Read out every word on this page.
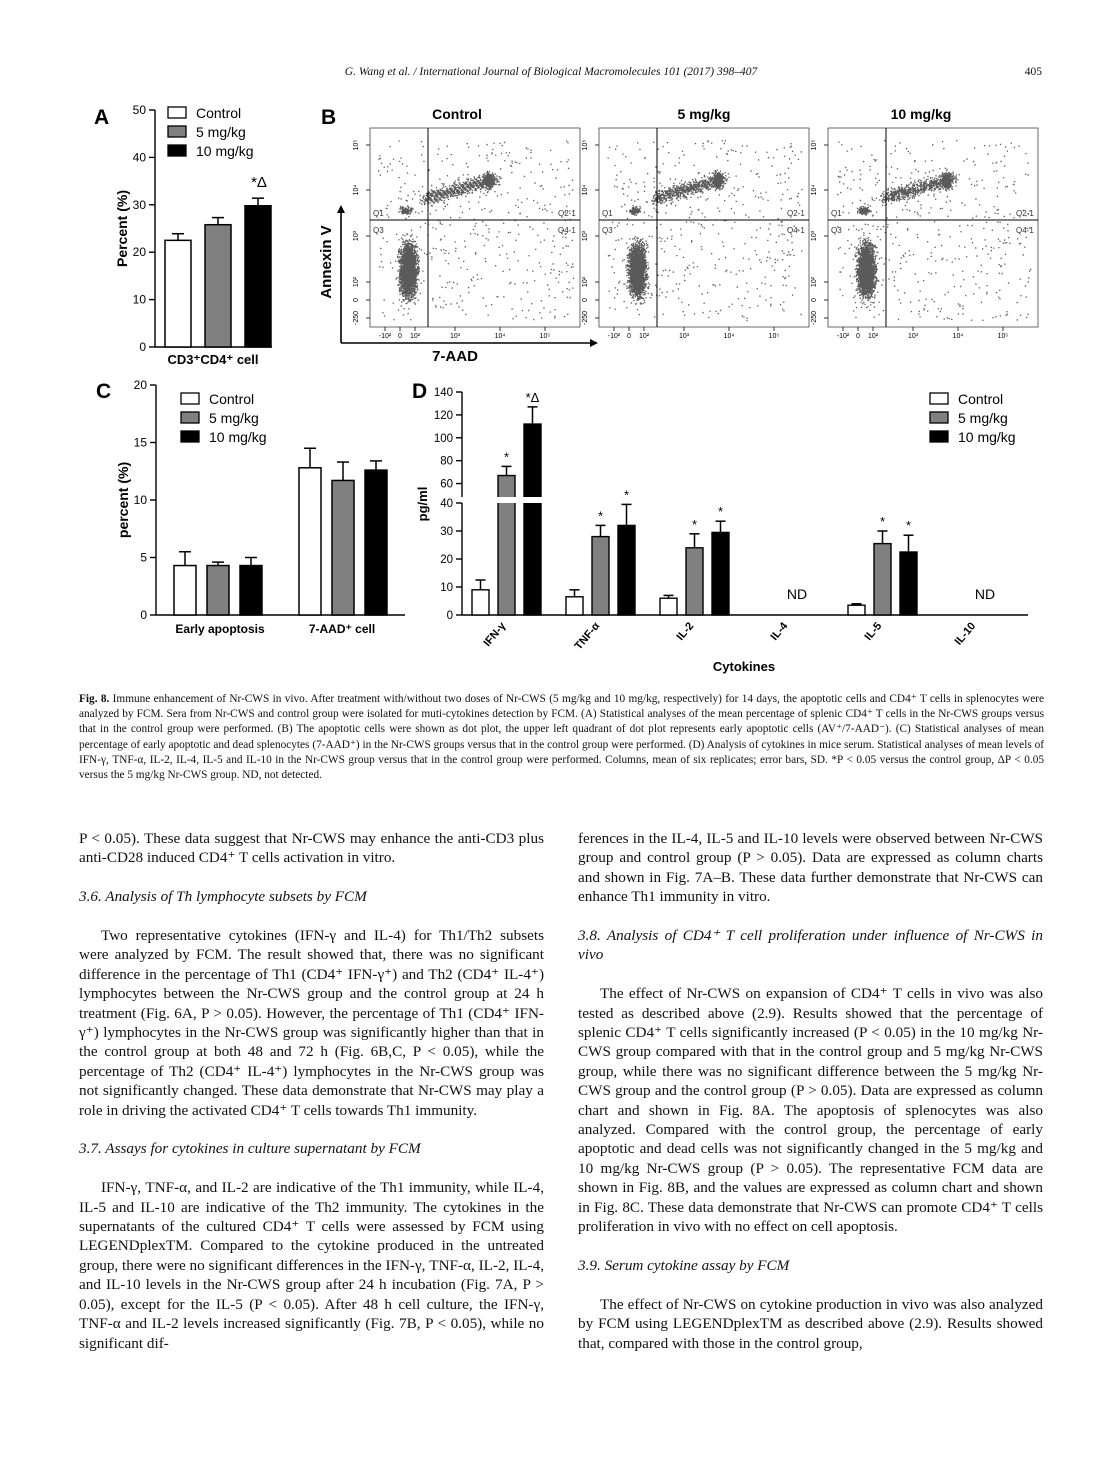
G. Wang et al. / International Journal of Biological Macromolecules 101 (2017) 398–407	405
A
0
10
20
30
40
50
Percent (%)
*Δ
CD3⁺CD4⁺ cell
Control
5 mg/kg
10 mg/kg
B	Control
Q1	Q2-1
Q3	Q4-1
10⁵
10⁴
10³
10²
0
-250
-10² 0 10²	10³	10⁴	10⁵
5 mg/kg
Q1	Q2-1
Q3	Q4-1
10⁵
10⁴
10³
10²
0
-250
-10² 0 10²	10³	10⁴	10⁵
10 mg/kg
Q1	Q2-1
Q3	Q4-1
10⁵
10⁴
10³
10²
0
-250
-10² 0 10²	10³	10⁴	10⁵
7-AAD
Annexin V
C
0
5
10
15
20
percent (%)
Early apoptosis	7-AAD⁺ cell
Control
5 mg/kg
10 mg/kg
D
0
10
20
30
40
60
80
100
120
140
pg/ml
*
*Δ
IFN-γ
*
*
TNF-α
*
*
IL-2
ND
IL-4
* *
IL-5
ND
IL-10
Cytokines
Control
5 mg/kg
10 mg/kg
Fig. 8. Immune enhancement of Nr-CWS in vivo. After treatment with/without two doses of Nr-CWS (5 mg/kg and 10 mg/kg, respectively) for 14 days, the apoptotic cells and CD4⁺ T cells in splenocytes were analyzed by FCM. Sera from Nr-CWS and control group were isolated for muti-cytokines detection by FCM. (A) Statistical analyses of the mean percentage of splenic CD4⁺ T cells in the Nr-CWS groups versus that in the control group were performed. (B) The apoptotic cells were shown as dot plot, the upper left quadrant of dot plot represents early apoptotic cells (AV⁺/7-AAD⁻). (C) Statistical analyses of mean percentage of early apoptotic and dead splenocytes (7-AAD⁺) in the Nr-CWS groups versus that in the control group were performed. (D) Analysis of cytokines in mice serum. Statistical analyses of mean levels of IFN-γ, TNF-α, IL-2, IL-4, IL-5 and IL-10 in the Nr-CWS group versus that in the control group were performed. Columns, mean of six replicates; error bars, SD. *P < 0.05 versus the control group, ΔP < 0.05 versus the 5 mg/kg Nr-CWS group. ND, not detected.

P < 0.05). These data suggest that Nr-CWS may enhance the anti-CD3 plus anti-CD28 induced CD4⁺ T cells activation in vitro.

3.6. Analysis of Th lymphocyte subsets by FCM

Two representative cytokines (IFN-γ and IL-4) for Th1/Th2 subsets were analyzed by FCM. The result showed that, there was no significant difference in the percentage of Th1 (CD4⁺ IFN-γ⁺) and Th2 (CD4⁺ IL-4⁺) lymphocytes between the Nr-CWS group and the control group at 24 h treatment (Fig. 6A, P > 0.05). However, the percentage of Th1 (CD4⁺ IFN-γ⁺) lymphocytes in the Nr-CWS group was significantly higher than that in the control group at both 48 and 72 h (Fig. 6B,C, P < 0.05), while the percentage of Th2 (CD4⁺ IL-4⁺) lymphocytes in the Nr-CWS group was not significantly changed. These data demonstrate that Nr-CWS may play a role in driving the activated CD4⁺ T cells towards Th1 immunity.

3.7. Assays for cytokines in culture supernatant by FCM

IFN-γ, TNF-α, and IL-2 are indicative of the Th1 immunity, while IL-4, IL-5 and IL-10 are indicative of the Th2 immunity. The cytokines in the supernatants of the cultured CD4⁺ T cells were assessed by FCM using LEGENDplexTM. Compared to the cytokine produced in the untreated group, there were no significant differences in the IFN-γ, TNF-α, IL-2, IL-4, and IL-10 levels in the Nr-CWS group after 24 h incubation (Fig. 7A, P > 0.05), except for the IL-5 (P < 0.05). After 48 h cell culture, the IFN-γ, TNF-α and IL-2 levels increased significantly (Fig. 7B, P < 0.05), while no significant dif-

ferences in the IL-4, IL-5 and IL-10 levels were observed between Nr-CWS group and control group (P > 0.05). Data are expressed as column charts and shown in Fig. 7A–B. These data further demonstrate that Nr-CWS can enhance Th1 immunity in vitro.

3.8. Analysis of CD4⁺ T cell proliferation under influence of Nr-CWS in vivo

The effect of Nr-CWS on expansion of CD4⁺ T cells in vivo was also tested as described above (2.9). Results showed that the percentage of splenic CD4⁺ T cells significantly increased (P < 0.05) in the 10 mg/kg Nr-CWS group compared with that in the control group and 5 mg/kg Nr-CWS group, while there was no significant difference between the 5 mg/kg Nr-CWS group and the control group (P > 0.05). Data are expressed as column chart and shown in Fig. 8A. The apoptosis of splenocytes was also analyzed. Compared with the control group, the percentage of early apoptotic and dead cells was not significantly changed in the 5 mg/kg and 10 mg/kg Nr-CWS group (P > 0.05). The representative FCM data are shown in Fig. 8B, and the values are expressed as column chart and shown in Fig. 8C. These data demonstrate that Nr-CWS can promote CD4⁺ T cells proliferation in vivo with no effect on cell apoptosis.

3.9. Serum cytokine assay by FCM

The effect of Nr-CWS on cytokine production in vivo was also analyzed by FCM using LEGENDplexTM as described above (2.9). Results showed that, compared with those in the control group,
